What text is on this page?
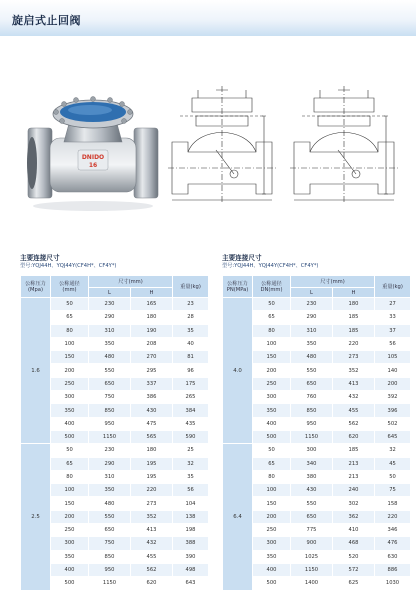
旋启式止回阀
DNIDO
16
主要连接尺寸
型号:YQJ44H、YQJ44Y(CF4H*、CF4Y*)
主要连接尺寸
型号:YQJ44H、YQJ44Y(CF4H*、CF4Y*)
公称压力
(Mpa)	公称通径
(mm)	尺寸(mm)		重量(kg)
		L	H	
1.6	50	230	165	23
	65	290	180	28
	80	310	190	35
	100	350	208	40
	150	480	270	81
	200	550	295	96
	250	650	337	175
	300	750	386	265
	350	850	430	384
	400	950	475	435
	500	1150	565	590
2.5	50	230	180	25
	65	290	195	32
	80	310	195	35
	100	350	220	56
	150	480	273	104
	200	550	352	138
	250	650	413	198
	300	750	432	388
	350	850	455	390
	400	950	562	498
	500	1150	620	643
公称压力
PN(MPa)	公称通径
DN(mm)	尺寸(mm)		重量(kg)
		L	H	
4.0	50	230	180	27
	65	290	185	33
	80	310	185	37
	100	350	220	56
	150	480	273	105
	200	550	352	140
	250	650	413	200
	300	760	432	392
	350	850	455	396
	400	950	562	502
	500	1150	620	645
6.4	50	300	185	32
	65	340	213	45
	80	380	213	50
	100	430	240	75
	150	550	302	158
	200	650	362	220
	250	775	410	346
	300	900	468	476
	350	1025	520	630
	400	1150	572	886
	500	1400	625	1030
